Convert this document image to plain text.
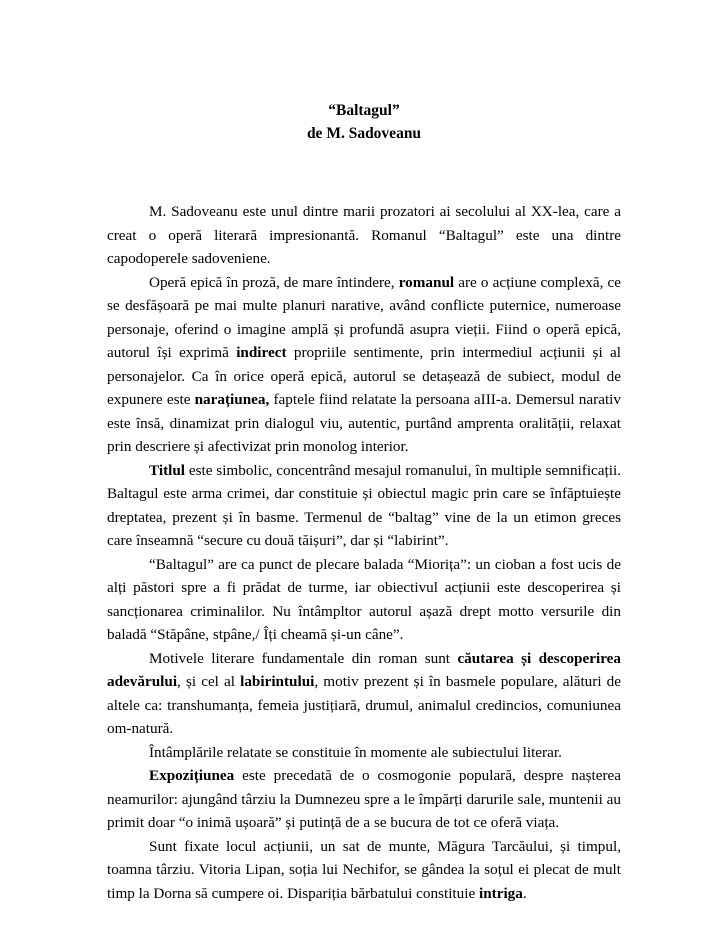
“Baltagul”
de M. Sadoveanu

M. Sadoveanu este unul dintre marii prozatori ai secolului al XX-lea, care a creat o operă literară impresionantă. Romanul “Baltagul” este una dintre capodoperele sadoveniene.

Operă epică în proză, de mare întindere, romanul are o acțiune complexă, ce se desfășoară pe mai multe planuri narative, având conflicte puternice, numeroase personaje, oferind o imagine amplă și profundă asupra vieții. Fiind o operă epică, autorul își exprimă indirect propriile sentimente, prin intermediul acțiunii și al personajelor. Ca în orice operă epică, autorul se detașează de subiect, modul de expunere este narațiunea, faptele fiind relatate la persoana aIII-a. Demersul narativ este însă, dinamizat prin dialogul viu, autentic, purtând amprenta oralității, relaxat prin descriere și afectivizat prin monolog interior.

Titlul este simbolic, concentrând mesajul romanului, în multiple semnificații. Baltagul este arma crimei, dar constituie și obiectul magic prin care se înfăptuiește dreptatea, prezent și în basme. Termenul de “baltag” vine de la un etimon greces care înseamnă “secure cu două tăișuri”, dar și “labirint”.

“Baltagul” are ca punct de plecare balada “Miorița”: un cioban a fost ucis de alți păstori spre a fi prădat de turme, iar obiectivul acțiunii este descoperirea și sancționarea criminalilor. Nu întâmpltor autorul așază drept motto versurile din baladă “Stăpâne, stpâne,/ Îți cheamă și-un câne”.

Motivele literare fundamentale din roman sunt căutarea și descoperirea adevărului, și cel al labirintului, motiv prezent și în basmele populare, alături de altele ca: transhumanța, femeia justițiară, drumul, animalul credincios, comuniunea om-natură.

Întâmplările relatate se constituie în momente ale subiectului literar.

Expozițiunea este precedată de o cosmogonie populară, despre nașterea neamurilor: ajungând târziu la Dumnezeu spre a le împărți darurile sale, muntenii au primit doar “o inimă ușoară” și putință de a se bucura de tot ce oferă viața.

Sunt fixate locul acțiunii, un sat de munte, Măgura Tarcăului, și timpul, toamna târziu. Vitoria Lipan, soția lui Nechifor, se gândea la soțul ei plecat de mult timp la Dorna să cumpere oi. Dispariția bărbatului constituie intriga.
